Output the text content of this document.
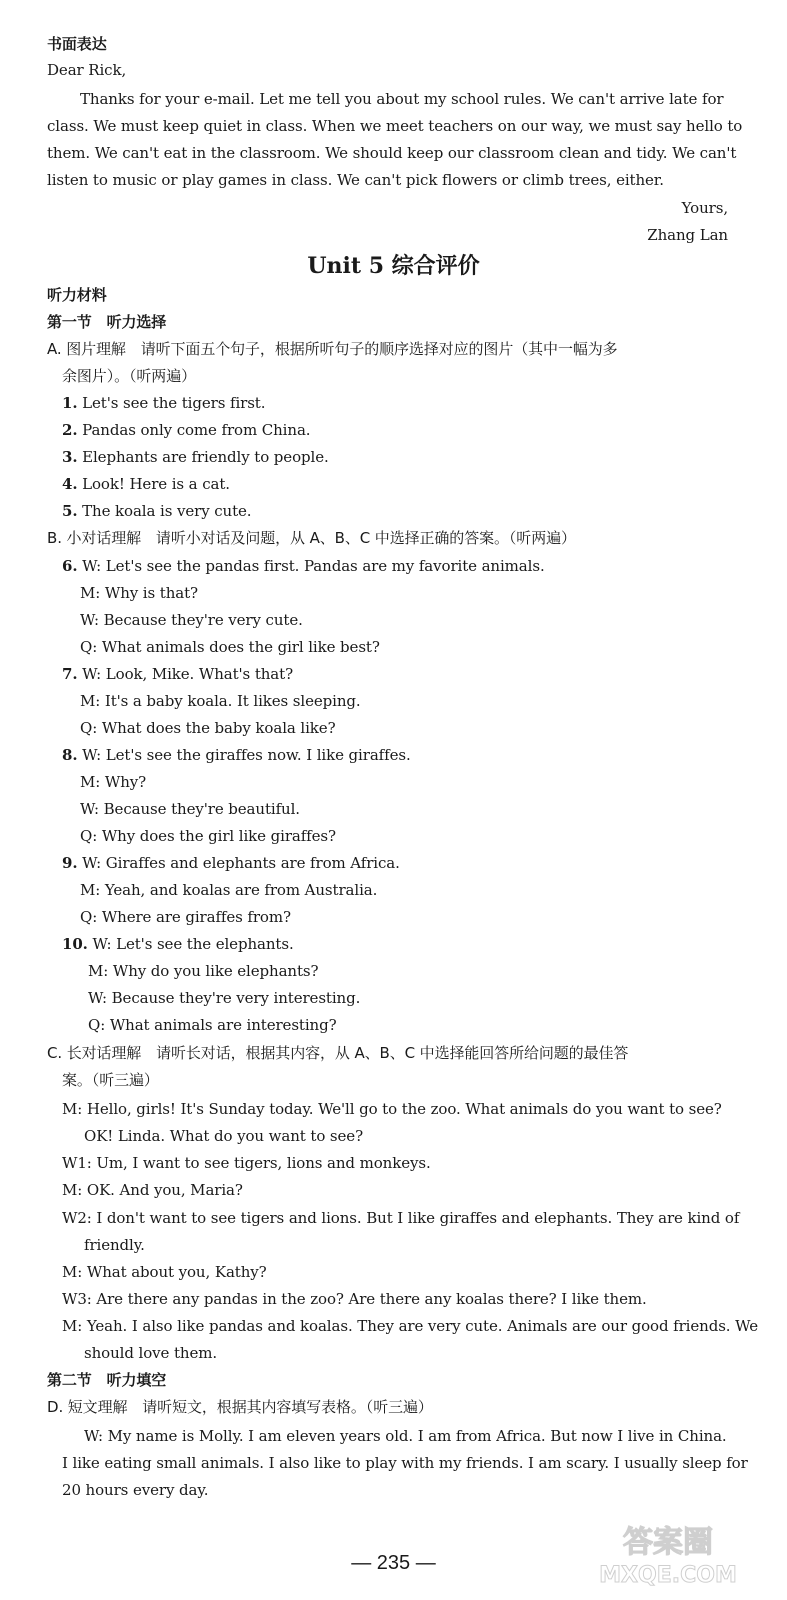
书面表达
Dear Rick,
Thanks for your e-mail. Let me tell you about my school rules. We can't arrive late for
class. We must keep quiet in class. When we meet teachers on our way, we must say hello to
them. We can't eat in the classroom. We should keep our classroom clean and tidy. We can't
listen to music or play games in class. We can't pick flowers or climb trees, either.
Yours,
Zhang Lan
Unit 5 综合评价
听力材料
第一节　听力选择
A. 图片理解　请听下面五个句子，根据所听句子的顺序选择对应的图片（其中一幅为多
余图片）。（听两遍）
1. Let's see the tigers first.
2. Pandas only come from China.
3. Elephants are friendly to people.
4. Look! Here is a cat.
5. The koala is very cute.
B. 小对话理解　请听小对话及问题，从 A、B、C 中选择正确的答案。（听两遍）
6. W: Let's see the pandas first. Pandas are my favorite animals.
M: Why is that?
W: Because they're very cute.
Q: What animals does the girl like best?
7. W: Look, Mike. What's that?
M: It's a baby koala. It likes sleeping.
Q: What does the baby koala like?
8. W: Let's see the giraffes now. I like giraffes.
M: Why?
W: Because they're beautiful.
Q: Why does the girl like giraffes?
9. W: Giraffes and elephants are from Africa.
M: Yeah, and koalas are from Australia.
Q: Where are giraffes from?
10. W: Let's see the elephants.
M: Why do you like elephants?
W: Because they're very interesting.
Q: What animals are interesting?
C. 长对话理解　请听长对话，根据其内容，从 A、B、C 中选择能回答所给问题的最佳答
案。（听三遍）
M: Hello, girls! It's Sunday today. We'll go to the zoo. What animals do you want to see?
OK! Linda. What do you want to see?
W1: Um, I want to see tigers, lions and monkeys.
M: OK. And you, Maria?
W2: I don't want to see tigers and lions. But I like giraffes and elephants. They are kind of
friendly.
M: What about you, Kathy?
W3: Are there any pandas in the zoo? Are there any koalas there? I like them.
M: Yeah. I also like pandas and koalas. They are very cute. Animals are our good friends. We
should love them.
第二节　听力填空
D. 短文理解　请听短文，根据其内容填写表格。（听三遍）
W: My name is Molly. I am eleven years old. I am from Africa. But now I live in China.
I like eating small animals. I also like to play with my friends. I am scary. I usually sleep for
20 hours every day.
— 235 —
答案圈
MXQE.COM
